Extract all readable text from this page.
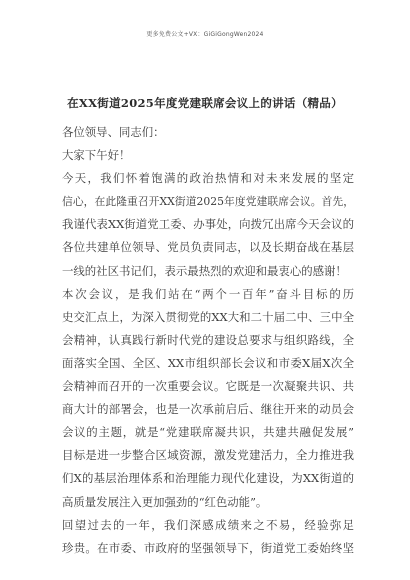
更多免费公文+VX：GiGiGongWen2024
在XX街道2025年度党建联席会议上的讲话（精品）
各位领导、同志们：
大家下午好！
今天，我们怀着饱满的政治热情和对未来发展的坚定
信心，在此隆重召开XX街道2025年度党建联席会议。首先，
我谨代表XX街道党工委、办事处，向拨冗出席今天会议的
各位共建单位领导、党员负责同志，以及长期奋战在基层
一线的社区书记们，表示最热烈的欢迎和最衷心的感谢！
本次会议，是我们站在“两个一百年”奋斗目标的历
史交汇点上，为深入贯彻党的XX大和二十届二中、三中全
会精神，认真践行新时代党的建设总要求与组织路线，全
面落实全国、全区、XX市组织部长会议和市委X届X次全
会精神而召开的一次重要会议。它既是一次凝聚共识、共
商大计的部署会，也是一次承前启后、继往开来的动员会
会议的主题，就是“党建联席凝共识，共建共融促发展”
目标是进一步整合区域资源，激发党建活力，全力推进我
们X的基层治理体系和治理能力现代化建设，为XX街道的
高质量发展注入更加强劲的“红色动能”。
回望过去的一年，我们深感成绩来之不易，经验弥足
珍贵。在市委、市政府的坚强领导下，街道党工委始终坚
